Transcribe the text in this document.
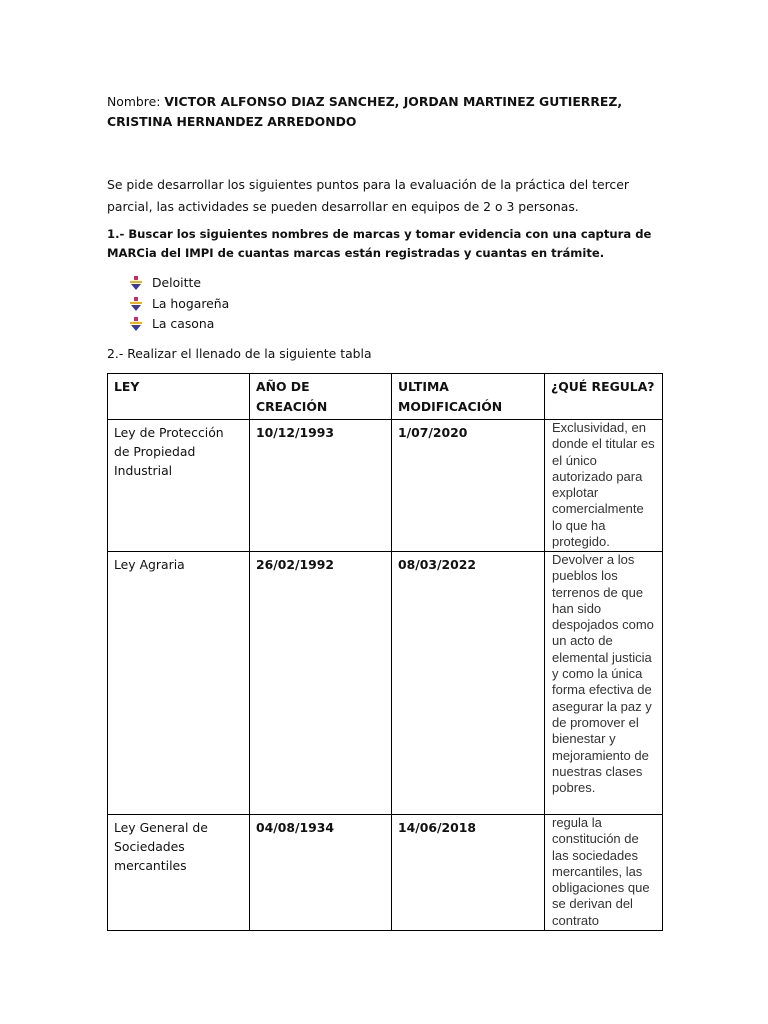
Nombre: VICTOR ALFONSO DIAZ SANCHEZ, JORDAN MARTINEZ GUTIERREZ, CRISTINA HERNANDEZ ARREDONDO
Se pide desarrollar los siguientes puntos para la evaluación de la práctica del tercer parcial, las actividades se pueden desarrollar en equipos de 2 o 3 personas.
1.- Buscar los siguientes nombres de marcas y tomar evidencia con una captura de MARCia del IMPI de cuantas marcas están registradas y cuantas en trámite.
Deloitte
La hogareña
La casona
2.- Realizar el llenado de la siguiente tabla
LEY	AÑO DE CREACIÓN	ULTIMA MODIFICACIÓN	¿QUÉ REGULA?
Ley de Protección de Propiedad Industrial	10/12/1993	1/07/2020	Exclusividad, en donde el titular es el único autorizado para explotar comercialmente lo que ha protegido.
Ley Agraria	26/02/1992	08/03/2022	Devolver a los pueblos los terrenos de que han sido despojados como un acto de elemental justicia y como la única forma efectiva de asegurar la paz y de promover el bienestar y mejoramiento de nuestras clases pobres.
Ley General de Sociedades mercantiles	04/08/1934	14/06/2018	regula la constitución de las sociedades mercantiles, las obligaciones que se derivan del contrato
